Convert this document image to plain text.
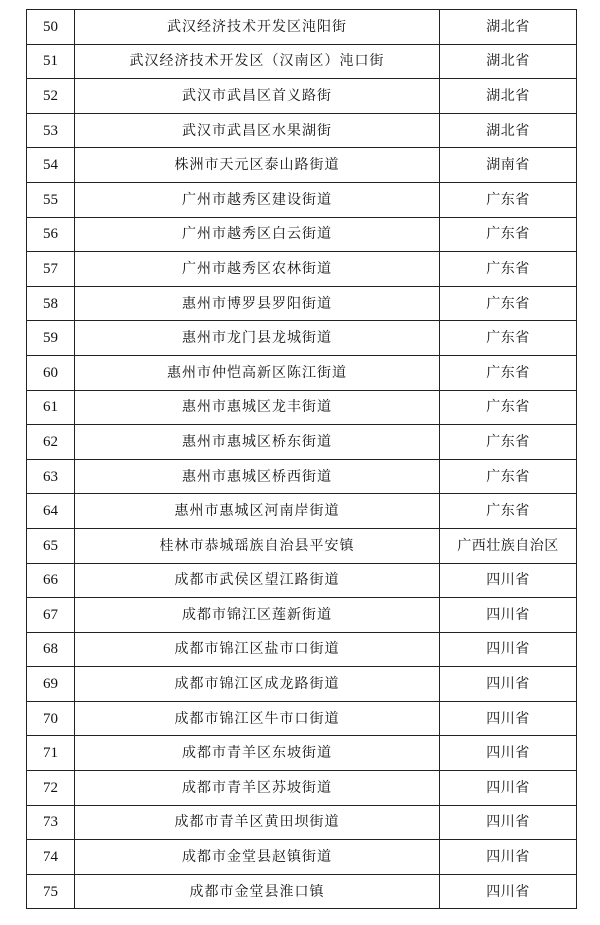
50	武汉经济技术开发区沌阳街	湖北省
51	武汉经济技术开发区（汉南区）沌口街	湖北省
52	武汉市武昌区首义路街	湖北省
53	武汉市武昌区水果湖街	湖北省
54	株洲市天元区泰山路街道	湖南省
55	广州市越秀区建设街道	广东省
56	广州市越秀区白云街道	广东省
57	广州市越秀区农林街道	广东省
58	惠州市博罗县罗阳街道	广东省
59	惠州市龙门县龙城街道	广东省
60	惠州市仲恺高新区陈江街道	广东省
61	惠州市惠城区龙丰街道	广东省
62	惠州市惠城区桥东街道	广东省
63	惠州市惠城区桥西街道	广东省
64	惠州市惠城区河南岸街道	广东省
65	桂林市恭城瑶族自治县平安镇	广西壮族自治区
66	成都市武侯区望江路街道	四川省
67	成都市锦江区莲新街道	四川省
68	成都市锦江区盐市口街道	四川省
69	成都市锦江区成龙路街道	四川省
70	成都市锦江区牛市口街道	四川省
71	成都市青羊区东坡街道	四川省
72	成都市青羊区苏坡街道	四川省
73	成都市青羊区黄田坝街道	四川省
74	成都市金堂县赵镇街道	四川省
75	成都市金堂县淮口镇	四川省
